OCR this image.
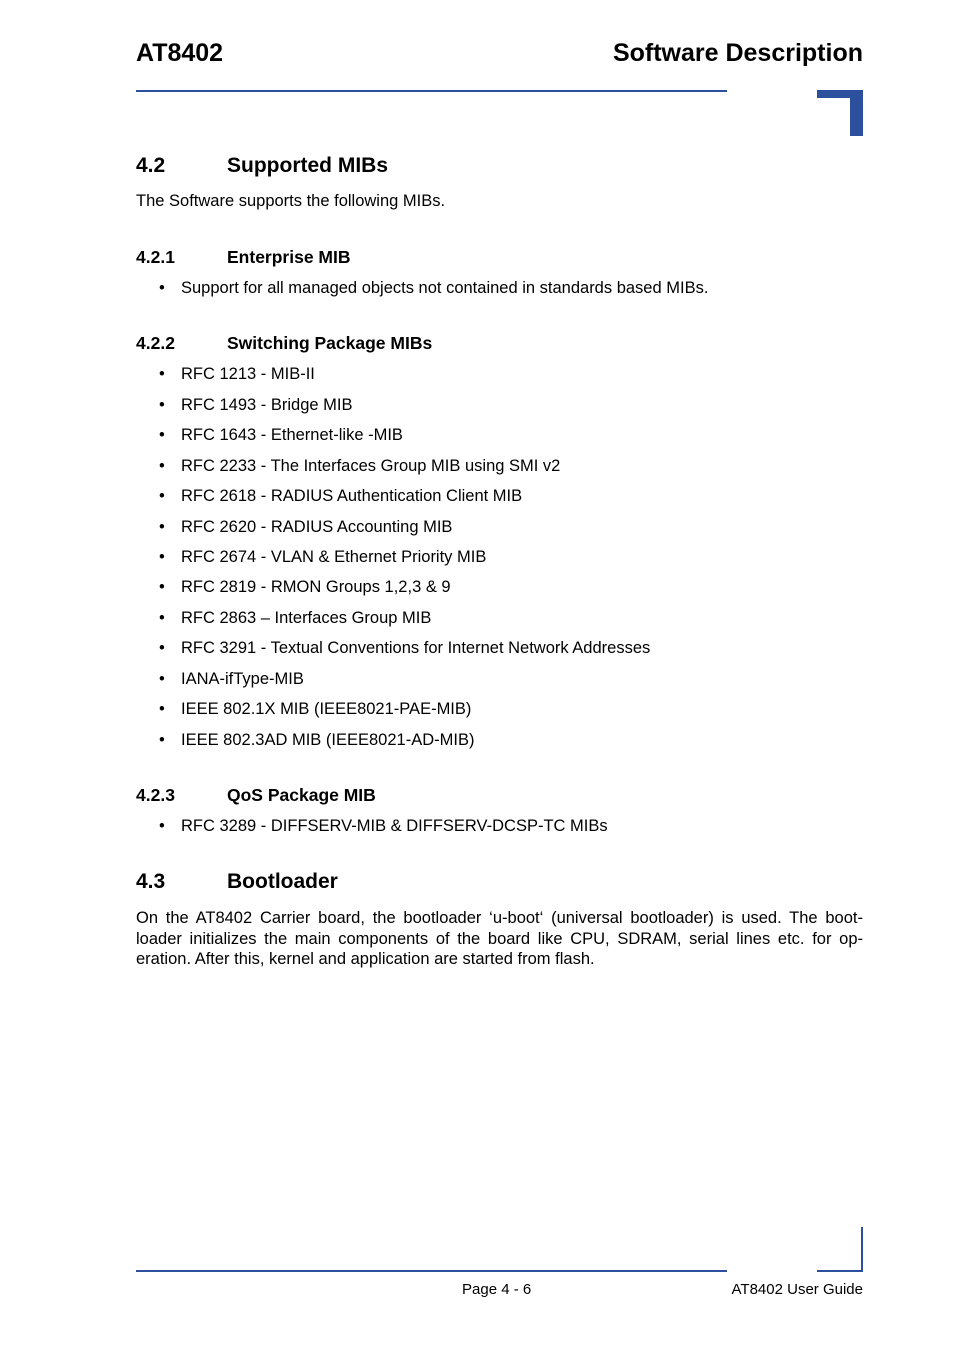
AT8402	Software Description
4.2	Supported MIBs
The Software supports the following MIBs.
4.2.1	Enterprise MIB
• Support for all managed objects not contained in standards based MIBs.
4.2.2	Switching Package MIBs
• RFC 1213 - MIB-II
• RFC 1493 - Bridge MIB
• RFC 1643 - Ethernet-like -MIB
• RFC 2233 - The Interfaces Group MIB using SMI v2
• RFC 2618 - RADIUS Authentication Client MIB
• RFC 2620 - RADIUS Accounting MIB
• RFC 2674 - VLAN & Ethernet Priority MIB
• RFC 2819 - RMON Groups 1,2,3 & 9
• RFC 2863 – Interfaces Group MIB
• RFC 3291 - Textual Conventions for Internet Network Addresses
• IANA-ifType-MIB
• IEEE 802.1X MIB (IEEE8021-PAE-MIB)
• IEEE 802.3AD MIB (IEEE8021-AD-MIB)
4.2.3	QoS Package MIB
• RFC 3289 - DIFFSERV-MIB & DIFFSERV-DCSP-TC MIBs
4.3	Bootloader
On the AT8402 Carrier board, the bootloader ‘u-boot‘ (universal bootloader) is used. The boot-loader initializes the main components of the board like CPU, SDRAM, serial lines etc. for op-eration. After this, kernel and application are started from flash.
Page 4 - 6	AT8402 User Guide
